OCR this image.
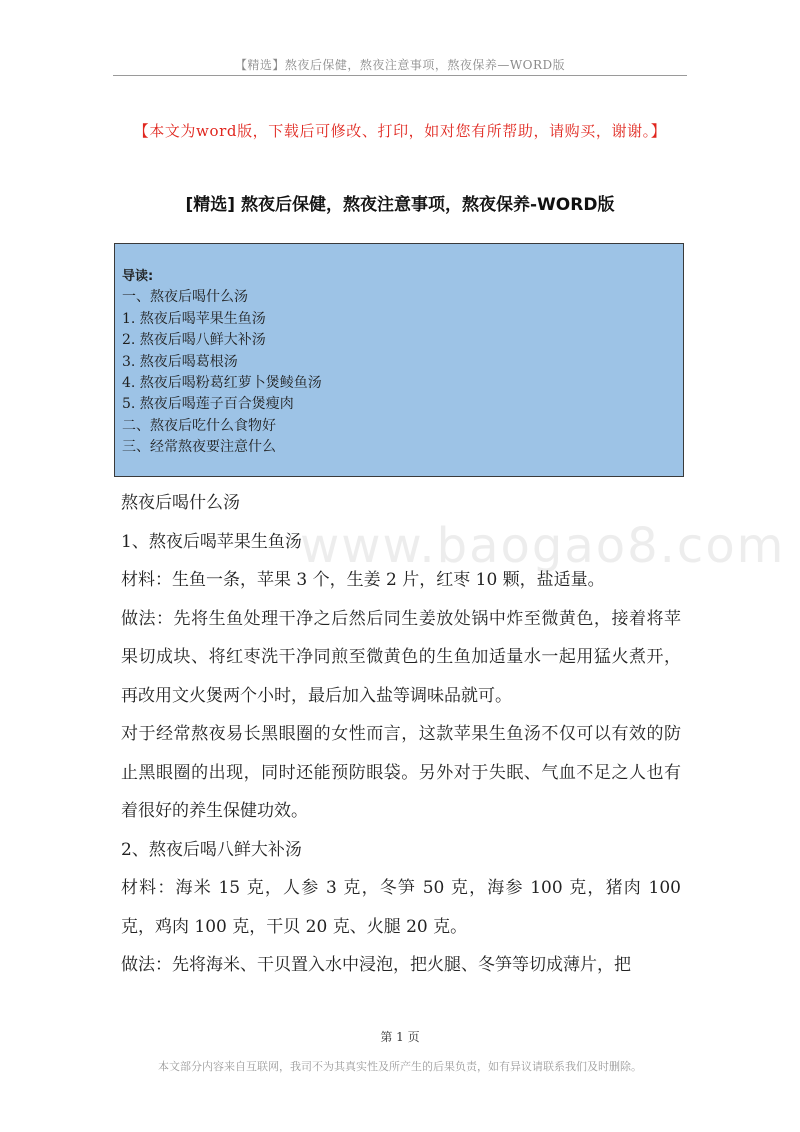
【精选】熬夜后保健，熬夜注意事项，熬夜保养—WORD版
【本文为word版，下载后可修改、打印，如对您有所帮助，请购买，谢谢。】
[精选] 熬夜后保健，熬夜注意事项，熬夜保养-WORD版
导读:
一、熬夜后喝什么汤
1. 熬夜后喝苹果生鱼汤
2. 熬夜后喝八鲜大补汤
3. 熬夜后喝葛根汤
4. 熬夜后喝粉葛红萝卜煲鲮鱼汤
5. 熬夜后喝莲子百合煲瘦肉
二、熬夜后吃什么食物好
三、经常熬夜要注意什么
www.baogao8.com

熬夜后喝什么汤

1、熬夜后喝苹果生鱼汤

材料：生鱼一条，苹果 3 个，生姜 2 片，红枣 10 颗，盐适量。

做法：先将生鱼处理干净之后然后同生姜放处锅中炸至微黄色，接着将苹果切成块、将红枣洗干净同煎至微黄色的生鱼加适量水一起用猛火煮开，再改用文火煲两个小时，最后加入盐等调味品就可。

对于经常熬夜易长黑眼圈的女性而言，这款苹果生鱼汤不仅可以有效的防止黑眼圈的出现，同时还能预防眼袋。另外对于失眠、气血不足之人也有着很好的养生保健功效。

2、熬夜后喝八鲜大补汤

材料：海米 15 克，人参 3 克，冬笋 50 克，海参 100 克，猪肉 100 克，鸡肉 100 克，干贝 20 克、火腿 20 克。

做法：先将海米、干贝置入水中浸泡，把火腿、冬笋等切成薄片，把

第 1 页
本文部分内容来自互联网，我司不为其真实性及所产生的后果负责，如有异议请联系我们及时删除。
